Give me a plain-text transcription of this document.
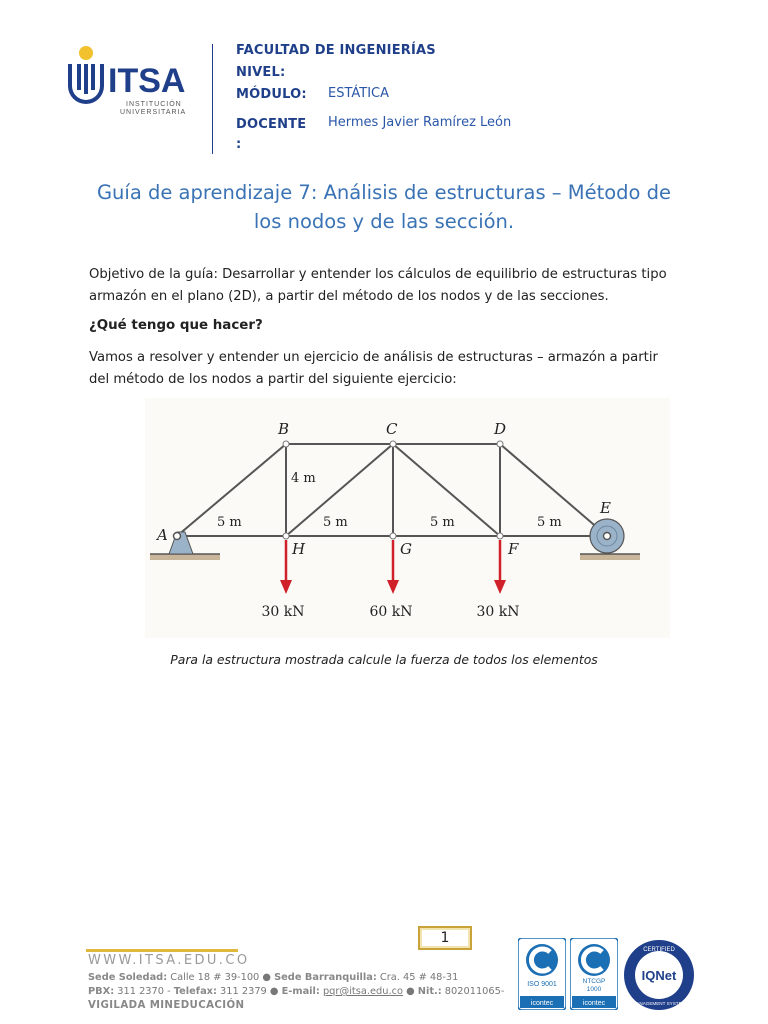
ITSA
INSTITUCIÓN
UNIVERSITARIA
FACULTAD DE INGENIERÍAS
NIVEL:
MÓDULO: ESTÁTICA
DOCENTE
:
Hermes Javier Ramírez León
Guía de aprendizaje 7: Análisis de estructuras – Método de
los nodos y de las sección.
Objetivo de la guía: Desarrollar y entender los cálculos de equilibrio de estructuras tipo
armazón en el plano (2D), a partir del método de los nodos y de las secciones.
¿Qué tengo que hacer?
Vamos a resolver y entender un ejercicio de análisis de estructuras – armazón a partir
del método de los nodos a partir del siguiente ejercicio:
A
B	C	D
E
F
G
H
4 m
5 m	5 m	5 m	5 m
30 kN	60 kN	30 kN
Para la estructura mostrada calcule la fuerza de todos los elementos
1
WWW.ITSA.EDU.CO
Sede Soledad: Calle 18 # 39-100 ● Sede Barranquilla: Cra. 45 # 48-31
PBX: 311 2370 - Telefax: 311 2379 ● E-mail: pqr@itsa.edu.co ● Nit.: 802011065-
VIGILADA MINEDUCACIÓN
ISO 9001
icontec
NTCGP
1000
icontec
CERTIFIED
IQNet
MANAGEMENT SYSTEM
